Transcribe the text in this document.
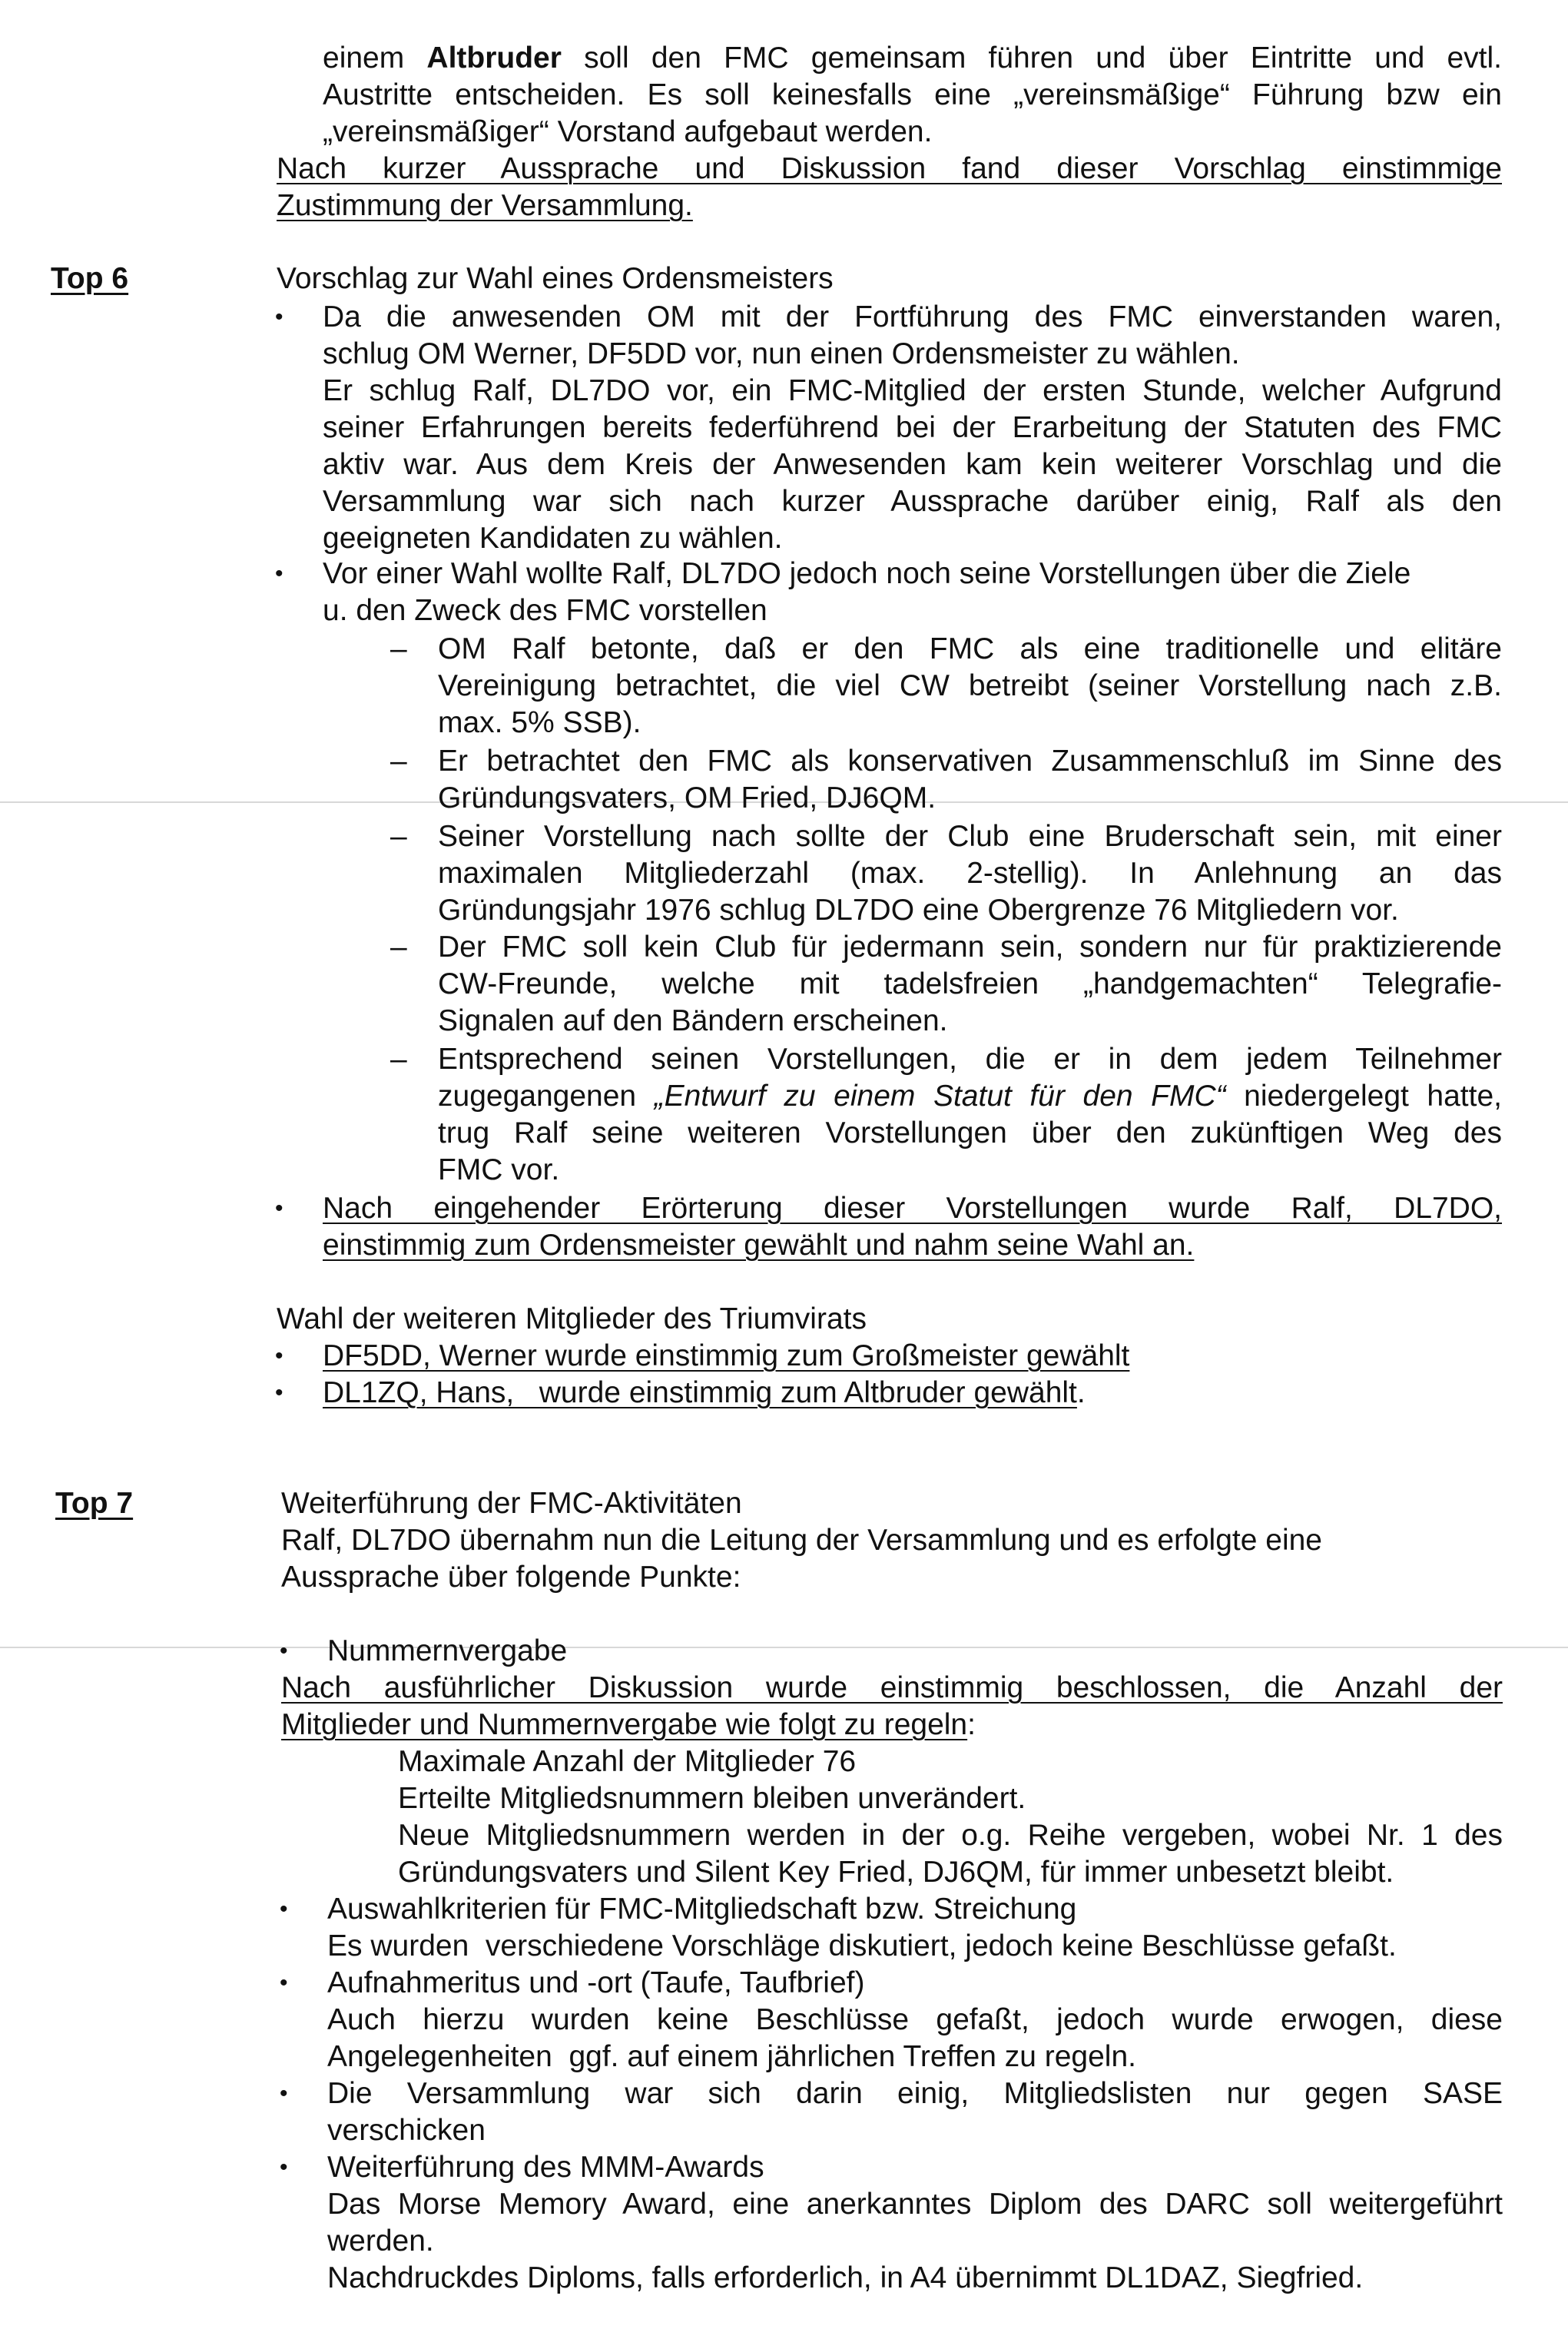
einem Altbruder soll den FMC gemeinsam führen und über Eintritte und evtl.
Austritte entscheiden. Es soll keinesfalls eine „vereinsmäßige“ Führung bzw ein
„vereinsmäßiger“ Vorstand aufgebaut werden.
Nach kurzer Aussprache und Diskussion fand dieser Vorschlag einstimmige
Zustimmung der Versammlung.
Top 6	Vorschlag zur Wahl eines Ordensmeisters
• Da die anwesenden OM mit der Fortführung des FMC einverstanden waren,
schlug OM Werner, DF5DD vor, nun einen Ordensmeister zu wählen.
Er schlug Ralf, DL7DO vor, ein FMC-Mitglied der ersten Stunde, welcher Aufgrund
seiner Erfahrungen bereits federführend bei der Erarbeitung der Statuten des FMC
aktiv war. Aus dem Kreis der Anwesenden kam kein weiterer Vorschlag und die
Versammlung war sich nach kurzer Aussprache darüber einig, Ralf als den
geeigneten Kandidaten zu wählen.
• Vor einer Wahl wollte Ralf, DL7DO jedoch noch seine Vorstellungen über die Ziele
u. den Zweck des FMC vorstellen
– OM Ralf betonte, daß er den FMC als eine traditionelle und elitäre
Vereinigung betrachtet, die viel CW betreibt (seiner Vorstellung nach z.B.
max. 5% SSB).
– Er betrachtet den FMC als konservativen Zusammenschluß im Sinne des
Gründungsvaters, OM Fried, DJ6QM.
– Seiner Vorstellung nach sollte der Club eine Bruderschaft sein, mit einer
maximalen Mitgliederzahl (max. 2-stellig). In Anlehnung an das
Gründungsjahr 1976 schlug DL7DO eine Obergrenze 76 Mitgliedern vor.
– Der FMC soll kein Club für jedermann sein, sondern nur für praktizierende
CW-Freunde, welche mit tadelsfreien „handgemachten“ Telegrafie-
Signalen auf den Bändern erscheinen.
– Entsprechend seinen Vorstellungen, die er in dem jedem Teilnehmer
zugegangenen „Entwurf zu einem Statut für den FMC“ niedergelegt hatte,
trug Ralf seine weiteren Vorstellungen über den zukünftigen Weg des
FMC vor.
• Nach eingehender Erörterung dieser Vorstellungen wurde Ralf, DL7DO,
einstimmig zum Ordensmeister gewählt und nahm seine Wahl an.
Wahl der weiteren Mitglieder des Triumvirats
• DF5DD, Werner wurde einstimmig zum Großmeister gewählt
• DL1ZQ, Hans,   wurde einstimmig zum Altbruder gewählt.
Top 7	Weiterführung der FMC-Aktivitäten
Ralf, DL7DO übernahm nun die Leitung der Versammlung und es erfolgte eine
Aussprache über folgende Punkte:
• Nummernvergabe
Nach ausführlicher Diskussion wurde einstimmig beschlossen, die Anzahl der
Mitglieder und Nummernvergabe wie folgt zu regeln:
Maximale Anzahl der Mitglieder 76
Erteilte Mitgliedsnummern bleiben unverändert.
Neue Mitgliedsnummern werden in der o.g. Reihe vergeben, wobei Nr. 1 des
Gründungsvaters und Silent Key Fried, DJ6QM, für immer unbesetzt bleibt.
• Auswahlkriterien für FMC-Mitgliedschaft bzw. Streichung
Es wurden  verschiedene Vorschläge diskutiert, jedoch keine Beschlüsse gefaßt.
• Aufnahmeritus und -ort (Taufe, Taufbrief)
Auch hierzu wurden keine Beschlüsse gefaßt, jedoch wurde erwogen, diese
Angelegenheiten  ggf. auf einem jährlichen Treffen zu regeln.
• Die Versammlung war sich darin einig, Mitgliedslisten nur gegen SASE
verschicken
• Weiterführung des MMM-Awards
Das Morse Memory Award, eine anerkanntes Diplom des DARC soll weitergeführt
werden.
Nachdruckdes Diploms, falls erforderlich, in A4 übernimmt DL1DAZ, Siegfried.
